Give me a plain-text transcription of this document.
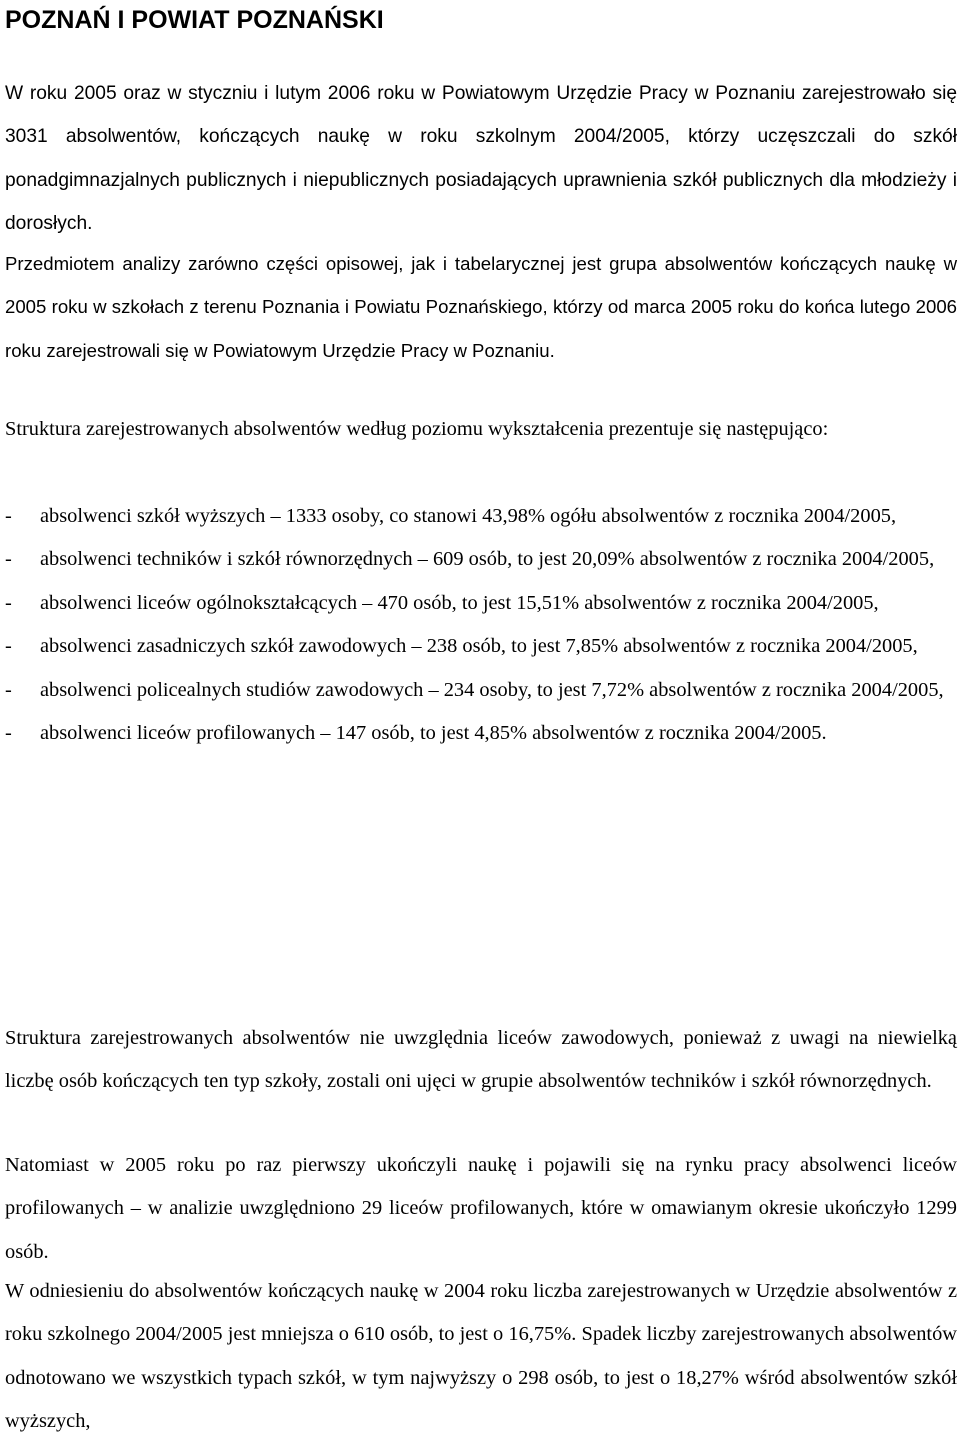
POZNAŃ I POWIAT POZNAŃSKI

W roku 2005 oraz w styczniu i lutym 2006 roku w Powiatowym Urzędzie Pracy w Poznaniu zarejestrowało się 3031 absolwentów, kończących naukę w roku szkolnym 2004/2005, którzy uczęszczali do szkół ponadgimnazjalnych publicznych i niepublicznych posiadających uprawnienia szkół publicznych dla młodzieży i dorosłych.

Przedmiotem analizy zarówno części opisowej, jak i tabelarycznej jest grupa absolwentów kończących naukę w 2005 roku w szkołach z terenu Poznania i Powiatu Poznańskiego, którzy od marca 2005 roku do końca lutego 2006 roku zarejestrowali się w Powiatowym Urzędzie Pracy w Poznaniu.

Struktura zarejestrowanych absolwentów według poziomu wykształcenia prezentuje się następująco:

- absolwenci szkół wyższych – 1333 osoby, co stanowi 43,98% ogółu absolwentów z rocznika 2004/2005,
- absolwenci techników i szkół równorzędnych – 609 osób, to jest 20,09% absolwentów z rocznika 2004/2005,
- absolwenci liceów ogólnokształcących – 470 osób, to jest 15,51% absolwentów z rocznika 2004/2005,
- absolwenci zasadniczych szkół zawodowych – 238 osób, to jest 7,85% absolwentów z rocznika 2004/2005,
- absolwenci policealnych studiów zawodowych – 234 osoby, to jest 7,72% absolwentów z rocznika 2004/2005,
- absolwenci liceów profilowanych – 147 osób, to jest 4,85% absolwentów z rocznika 2004/2005.

Struktura zarejestrowanych absolwentów nie uwzględnia liceów zawodowych, ponieważ z uwagi na niewielką liczbę osób kończących ten typ szkoły, zostali oni ujęci w grupie absolwentów techników i szkół równorzędnych.

Natomiast w 2005 roku po raz pierwszy ukończyli naukę i pojawili się na rynku pracy absolwenci liceów profilowanych – w analizie uwzględniono 29 liceów profilowanych, które w omawianym okresie ukończyło 1299 osób.

W odniesieniu do absolwentów kończących naukę w 2004 roku liczba zarejestrowanych w Urzędzie absolwentów z roku szkolnego 2004/2005 jest mniejsza o 610 osób, to jest o 16,75%. Spadek liczby zarejestrowanych absolwentów odnotowano we wszystkich typach szkół, w tym najwyższy o 298 osób, to jest o 18,27% wśród absolwentów szkół wyższych,
